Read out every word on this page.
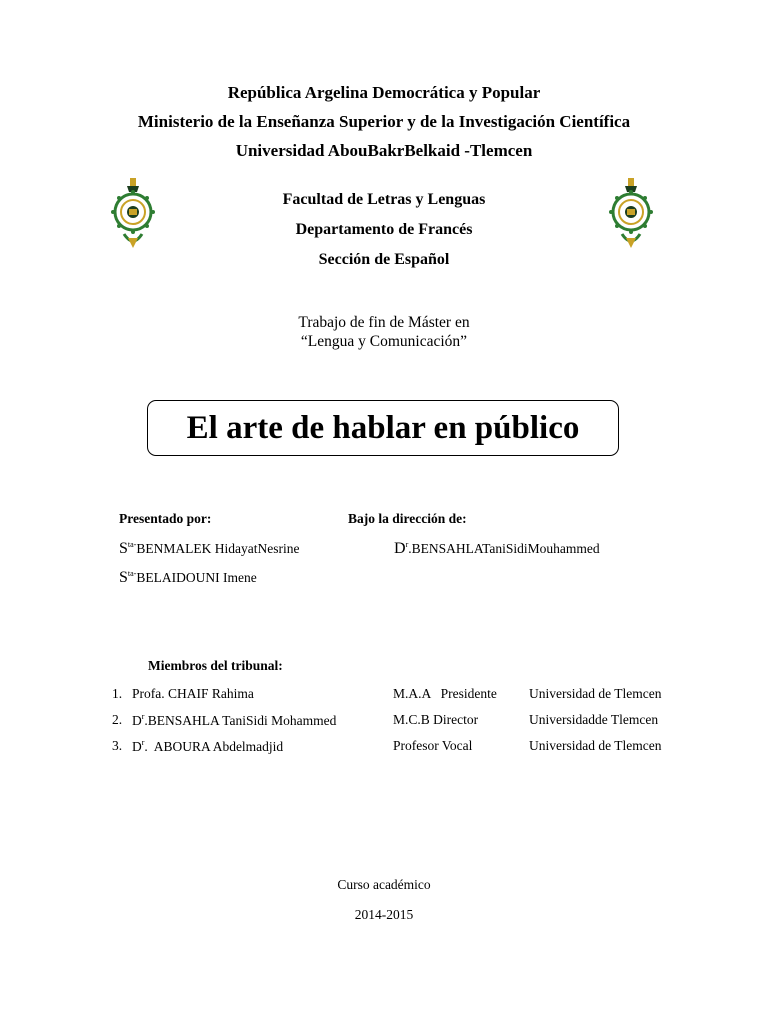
República Argelina Democrática y Popular
Ministerio de la Enseñanza Superior y de la Investigación Científica
Universidad AbouBakrBelkaid -Tlemcen
Facultad de Letras y Lenguas
Departamento de Francés
Sección de Español
Trabajo de fin de Máster en
“Lengua y Comunicación”
El arte de hablar en público
Presentado por:	Bajo la dirección de:
$S^{ta-}BENMALEK$ HidayatNesrine	$D^r.BENSAHLATaniSidiMouhammed$
$S^{ta-}BELAIDOUNI$ Imene
Miembros del tribunal:
1. Profa. CHAIF Rahima	M.A.A   Presidente Universidad de Tlemcen
2. $D^r.BENSAHLA$ TaniSidi Mohammed	M.C.B Director	Universidadde Tlemcen
3. $D^r$.  ABOURA Abdelmadjid	Profesor Vocal	Universidad de Tlemcen
Curso académico
2014-2015
